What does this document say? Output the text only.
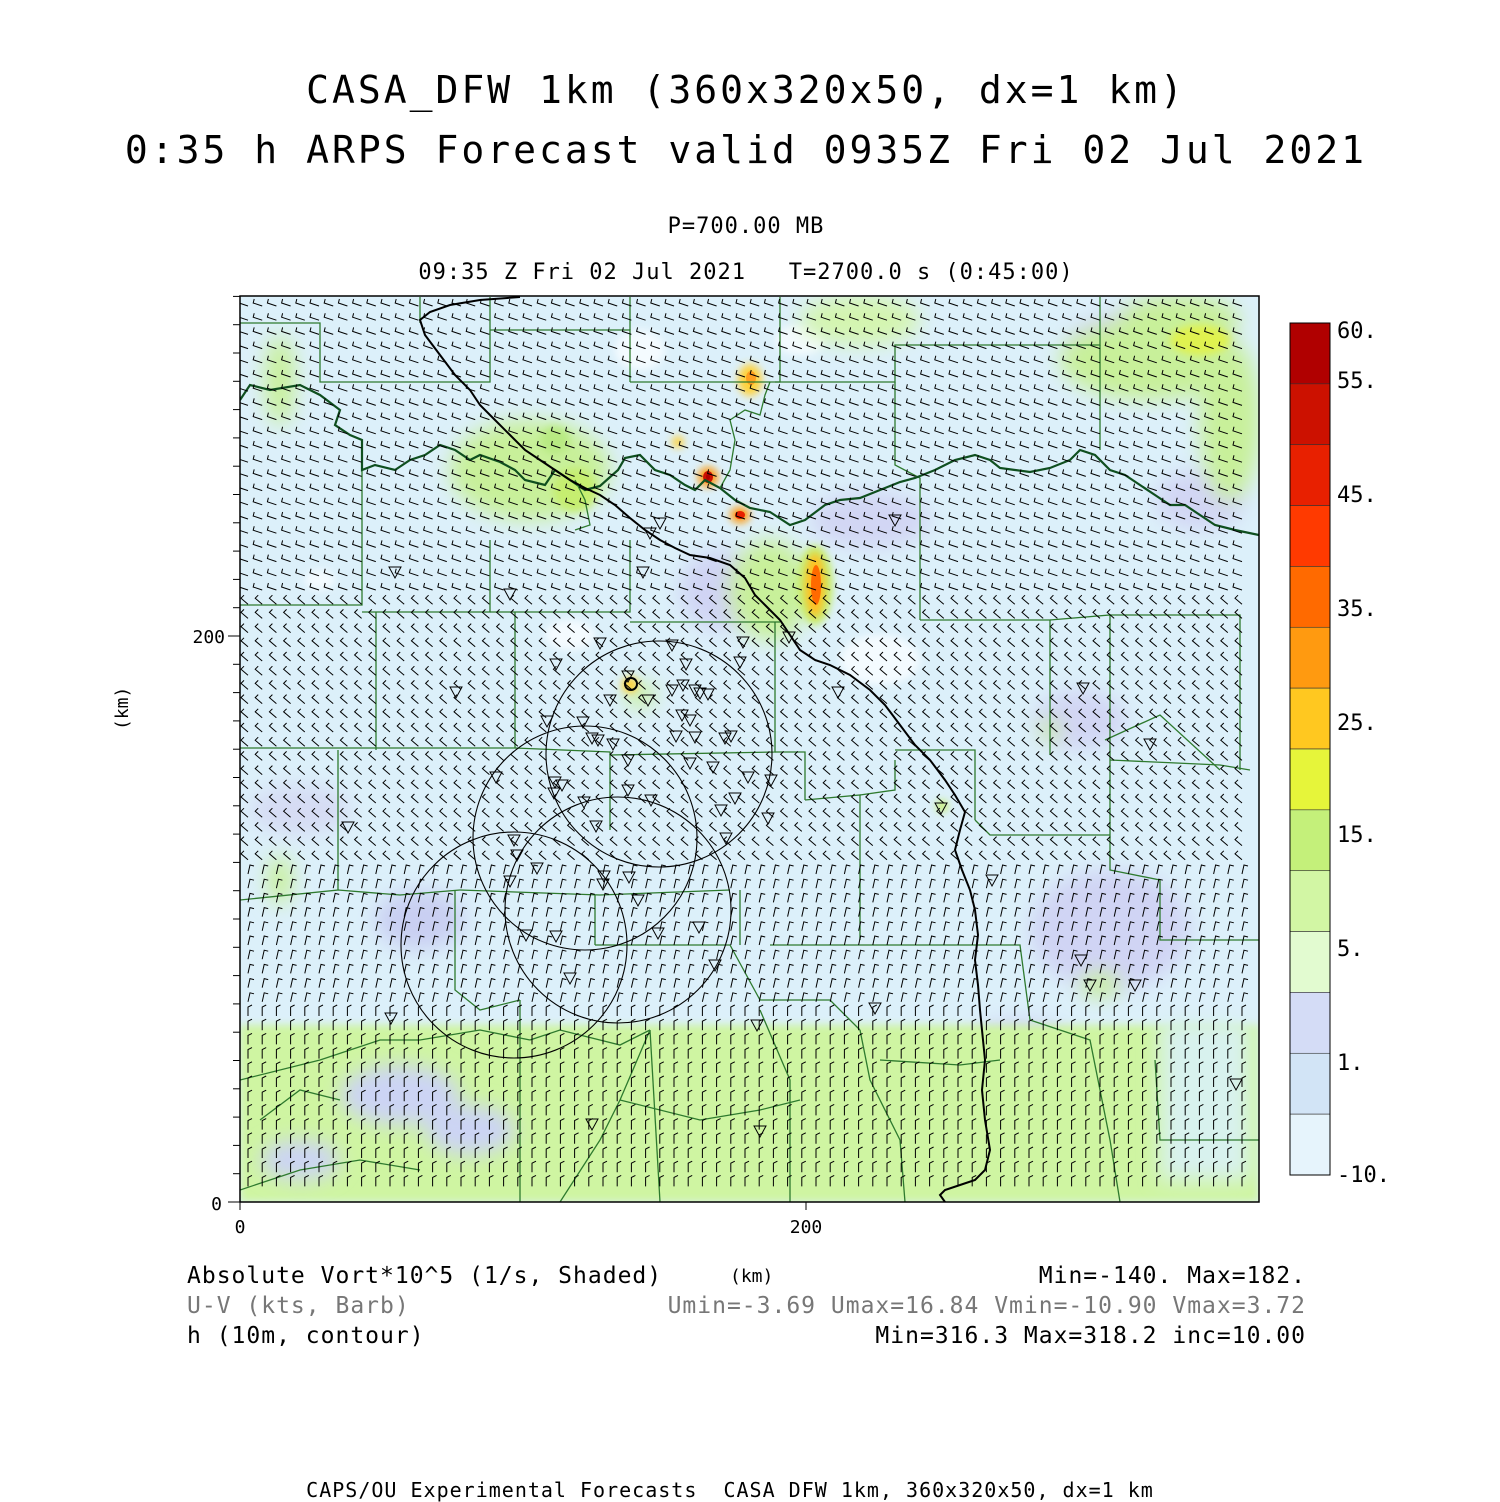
CASA_DFW 1km (360x320x50, dx=1 km)
0:35 h ARPS Forecast valid 0935Z Fri 02 Jul 2021
P=700.00 MB
09:35 Z Fri 02 Jul 2021   T=2700.0 s (0:45:00)
(km)
0	200
0
200
60.
55.
45.
35.
25.
15.
5.
1.
-10.
(km)
Absolute Vort*10^5 (1/s, Shaded)	Min=-140. Max=182.
U-V (kts, Barb)	Umin=-3.69 Umax=16.84 Vmin=-10.90 Vmax=3.72
h (10m, contour)	Min=316.3 Max=318.2 inc=10.00
CAPS/OU Experimental Forecasts  CASA DFW 1km, 360x320x50, dx=1 km
